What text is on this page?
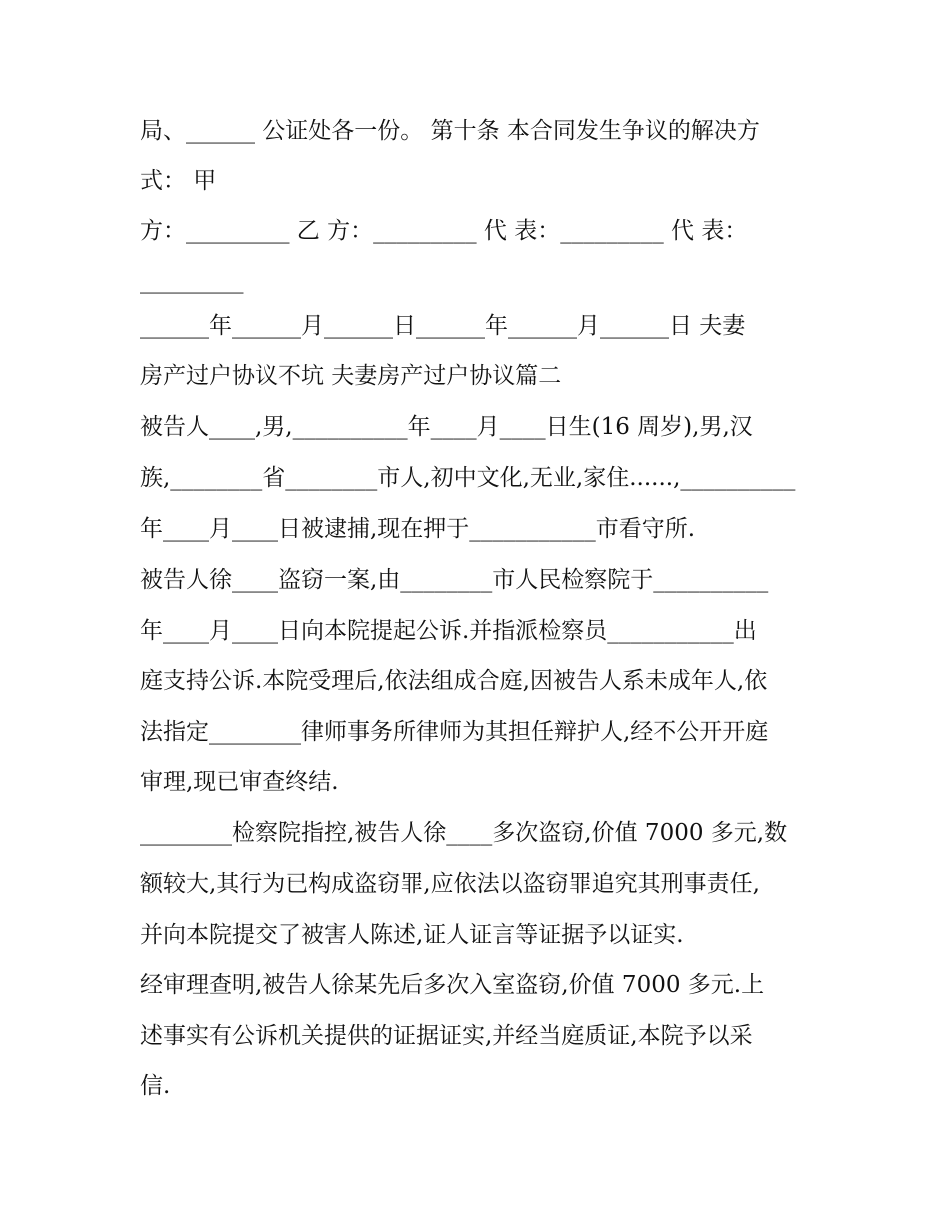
局、______ 公证处各一份。 第十条 本合同发生争议的解决方
式： 甲
方：_________ 乙 方：_________ 代 表：_________ 代 表：
_________
______年______月______日______年______月______日 夫妻
房产过户协议不坑 夫妻房产过户协议篇二
被告人____,男,__________年____月____日生(16 周岁),男,汉
族,________省________市人,初中文化,无业,家住......,__________
年____月____日被逮捕,现在押于___________市看守所.
被告人徐____盗窃一案,由________市人民检察院于__________
年____月____日向本院提起公诉.并指派检察员___________出
庭支持公诉.本院受理后,依法组成合庭,因被告人系未成年人,依
法指定________律师事务所律师为其担任辩护人,经不公开开庭
审理,现已审查终结.
________检察院指控,被告人徐____多次盗窃,价值 7000 多元,数
额较大,其行为已构成盗窃罪,应依法以盗窃罪追究其刑事责任,
并向本院提交了被害人陈述,证人证言等证据予以证实.
经审理查明,被告人徐某先后多次入室盗窃,价值 7000 多元.上
述事实有公诉机关提供的证据证实,并经当庭质证,本院予以采
信.
